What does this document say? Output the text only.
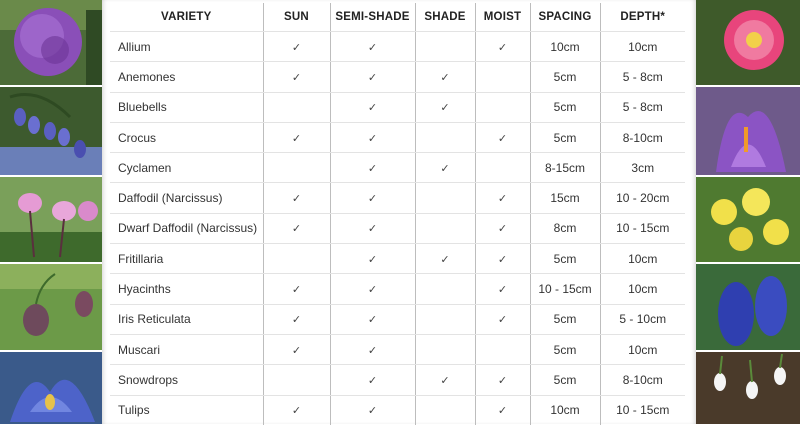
VARIETY	SUN	SEMI-SHADE	SHADE	MOIST	SPACING	DEPTH*
Allium	✓	✓		✓	10cm	10cm
Anemones	✓	✓	✓		5cm	5 - 8cm
Bluebells		✓	✓		5cm	5 - 8cm
Crocus	✓	✓		✓	5cm	8-10cm
Cyclamen		✓	✓		8-15cm	3cm
Daffodil (Narcissus)	✓	✓		✓	15cm	10 - 20cm
Dwarf Daffodil (Narcissus)	✓	✓		✓	8cm	10 - 15cm
Fritillaria		✓	✓	✓	5cm	10cm
Hyacinths	✓	✓		✓	10 - 15cm	10cm
Iris Reticulata	✓	✓		✓	5cm	5 - 10cm
Muscari	✓	✓			5cm	10cm
Snowdrops		✓	✓	✓	5cm	8-10cm
Tulips	✓	✓		✓	10cm	10 - 15cm
